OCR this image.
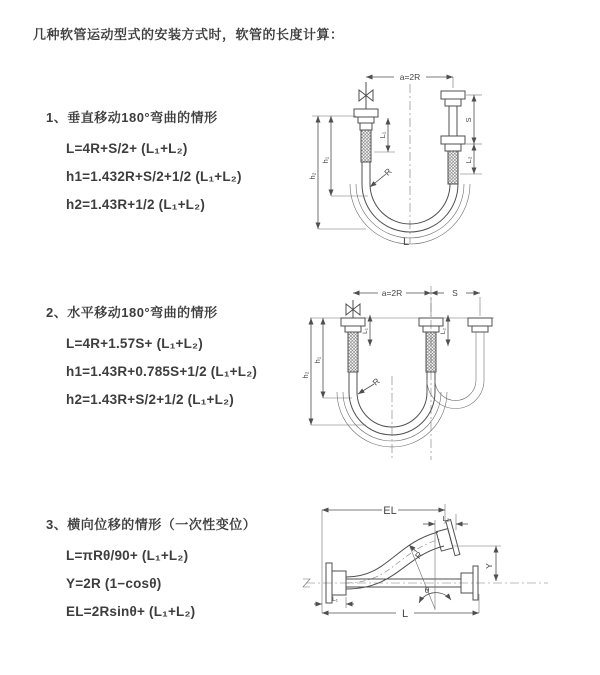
几种软管运动型式的安装方式时，软管的长度计算：
1、垂直移动180°弯曲的情形
L=4R+S/2+ (L₁+L₂)
h1=1.432R+S/2+1/2 (L₁+L₂)
h2=1.43R+1/2 (L₁+L₂)
2、水平移动180°弯曲的情形
L=4R+1.57S+ (L₁+L₂)
h1=1.43R+0.785S+1/2 (L₁+L₂)
h2=1.43R+S/2+1/2 (L₁+L₂)
3、横向位移的情形（一次性变位）
L=πRθ/90+ (L₁+L₂)
Y=2R (1−cosθ)
EL=2Rsinθ+ (L₁+L₂)
a=2R
L₁
S
L₂
h₁
h₂	R
L
a=2R	S
L₁	L₂
h₁
h₂
R
EL
L₂
Y
R
θ
L
L₁
